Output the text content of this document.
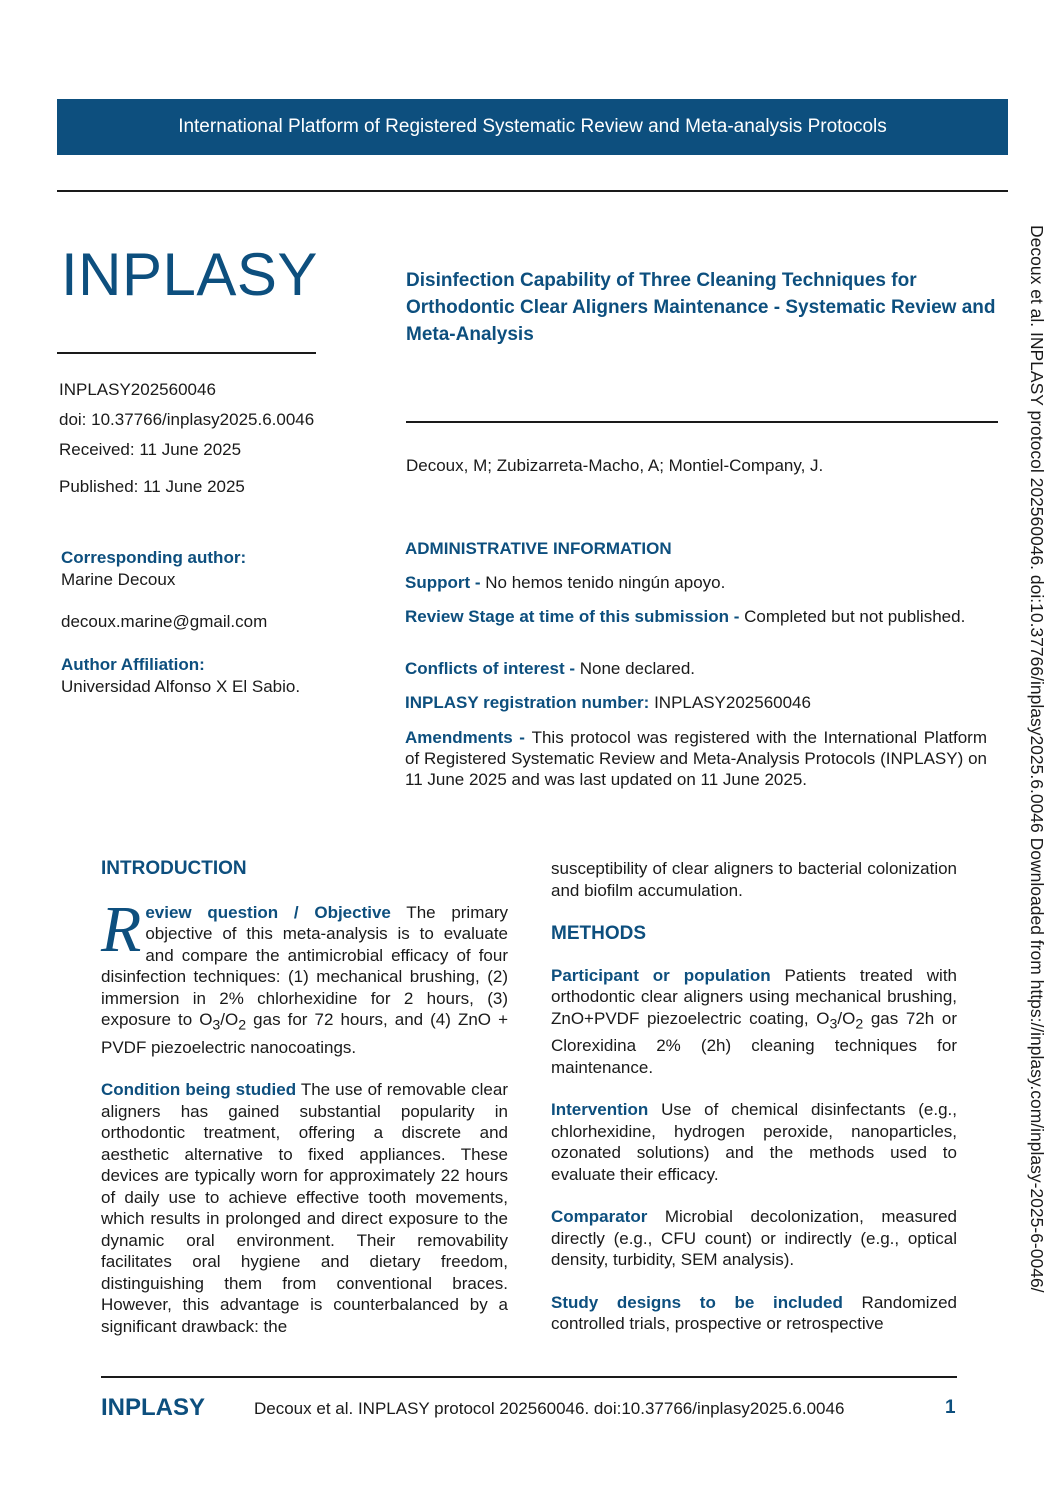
International Platform of Registered Systematic Review and Meta-analysis Protocols
INPLASY	Disinfection Capability of Three Cleaning Techniques for Orthodontic Clear Aligners Maintenance - Systematic Review and Meta-Analysis
INPLASY202560046
doi: 10.37766/inplasy2025.6.0046
Received: 11 June 2025
Published: 11 June 2025
Decoux, M; Zubizarreta-Macho, A; Montiel-Company, J.
Corresponding author:
Marine Decoux
decoux.marine@gmail.com
Author Affiliation:
Universidad Alfonso X El Sabio.
ADMINISTRATIVE INFORMATION
Support - No hemos tenido ningún apoyo.
Review Stage at time of this submission - Completed but not published.
Conflicts of interest - None declared.
INPLASY registration number: INPLASY202560046
Amendments - This protocol was registered with the International Platform of Registered Systematic Review and Meta-Analysis Protocols (INPLASY) on 11 June 2025 and was last updated on 11 June 2025.

INTRODUCTION

Review question / Objective The primary objective of this meta-analysis is to evaluate and compare the antimicrobial efficacy of four disinfection techniques: (1) mechanical brushing, (2) immersion in 2% chlorhexidine for 2 hours, (3) exposure to $O_3/O_2$ gas for 72 hours, and (4) ZnO + PVDF piezoelectric nanocoatings.

Condition being studied The use of removable clear aligners has gained substantial popularity in orthodontic treatment, offering a discrete and aesthetic alternative to fixed appliances. These devices are typically worn for approximately 22 hours of daily use to achieve effective tooth movements, which results in prolonged and direct exposure to the dynamic oral environment. Their removability facilitates oral hygiene and dietary freedom, distinguishing them from conventional braces. However, this advantage is counterbalanced by a significant drawback: the

susceptibility of clear aligners to bacterial colonization and biofilm accumulation.

METHODS

Participant or population Patients treated with orthodontic clear aligners using mechanical brushing, ZnO+PVDF piezoelectric coating, $O_3/O_2$ gas 72h or Clorexidina 2% (2h) cleaning techniques for maintenance.

Intervention Use of chemical disinfectants (e.g., chlorhexidine, hydrogen peroxide, nanoparticles, ozonated solutions) and the methods used to evaluate their efficacy.

Comparator Microbial decolonization, measured directly (e.g., CFU count) or indirectly (e.g., optical density, turbidity, SEM analysis).

Study designs to be included Randomized controlled trials, prospective or retrospective

Decoux et al. INPLASY protocol 202560046. doi:10.37766/inplasy2025.6.0046 Downloaded from https://inplasy.com/inplasy-2025-6-0046/
INPLASY	Decoux et al. INPLASY protocol 202560046. doi:10.37766/inplasy2025.6.0046	1
